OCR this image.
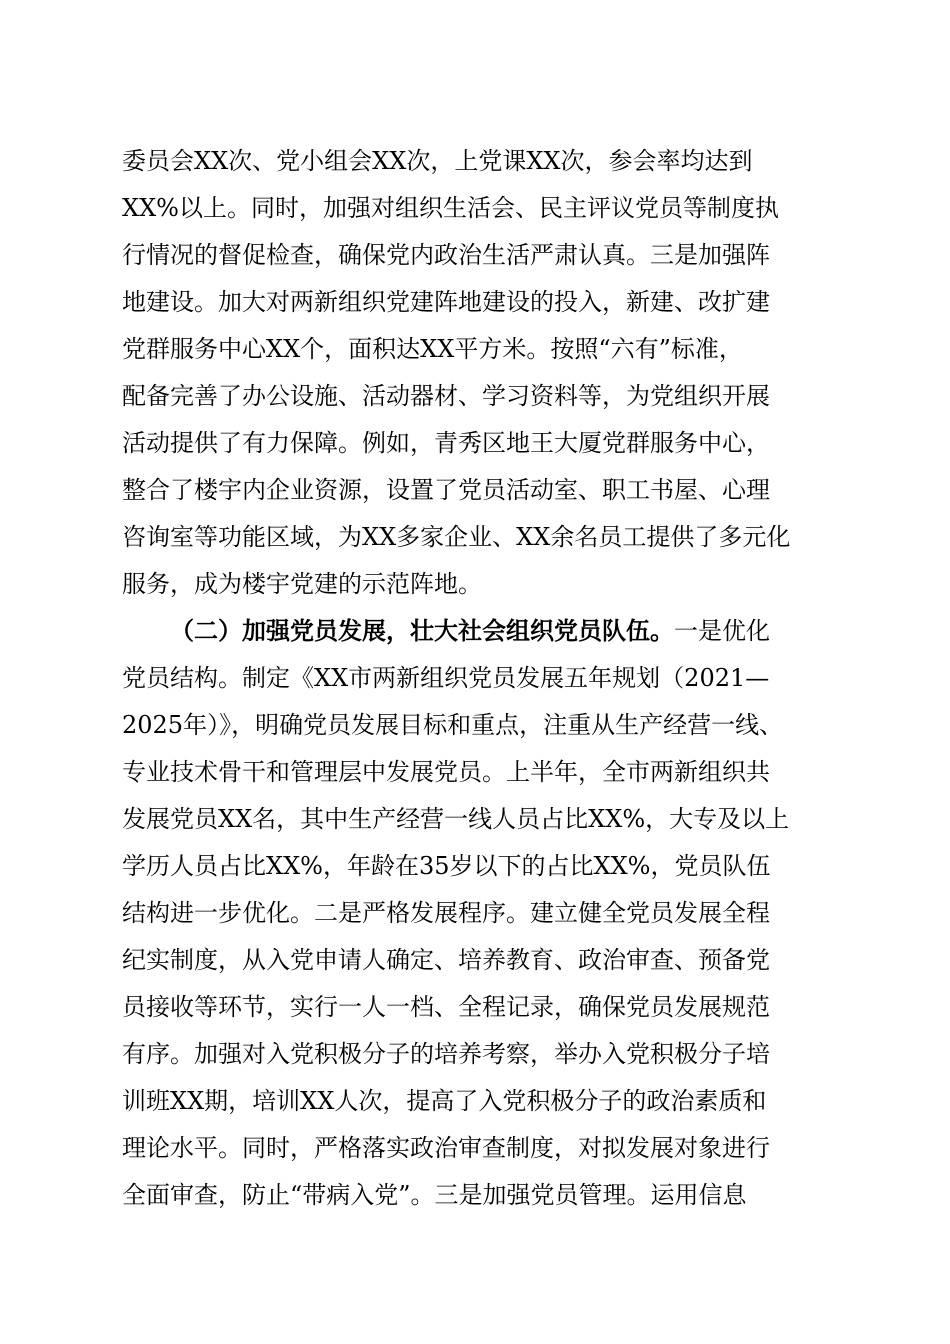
委员会XX次、党小组会XX次，上党课XX次，参会率均达到
XX%以上。同时，加强对组织生活会、民主评议党员等制度执
行情况的督促检查，确保党内政治生活严肃认真。三是加强阵
地建设。加大对两新组织党建阵地建设的投入，新建、改扩建
党群服务中心XX个，面积达XX平方米。按照“六有”标准，
配备完善了办公设施、活动器材、学习资料等，为党组织开展
活动提供了有力保障。例如，青秀区地王大厦党群服务中心，
整合了楼宇内企业资源，设置了党员活动室、职工书屋、心理
咨询室等功能区域，为XX多家企业、XX余名员工提供了多元化
服务，成为楼宇党建的示范阵地。
（二）加强党员发展，壮大社会组织党员队伍。一是优化
党员结构。制定《XX市两新组织党员发展五年规划（2021—
2025年）》，明确党员发展目标和重点，注重从生产经营一线、
专业技术骨干和管理层中发展党员。上半年，全市两新组织共
发展党员XX名，其中生产经营一线人员占比XX%，大专及以上
学历人员占比XX%，年龄在35岁以下的占比XX%，党员队伍
结构进一步优化。二是严格发展程序。建立健全党员发展全程
纪实制度，从入党申请人确定、培养教育、政治审查、预备党
员接收等环节，实行一人一档、全程记录，确保党员发展规范
有序。加强对入党积极分子的培养考察，举办入党积极分子培
训班XX期，培训XX人次，提高了入党积极分子的政治素质和
理论水平。同时，严格落实政治审查制度，对拟发展对象进行
全面审查，防止“带病入党”。三是加强党员管理。运用信息
